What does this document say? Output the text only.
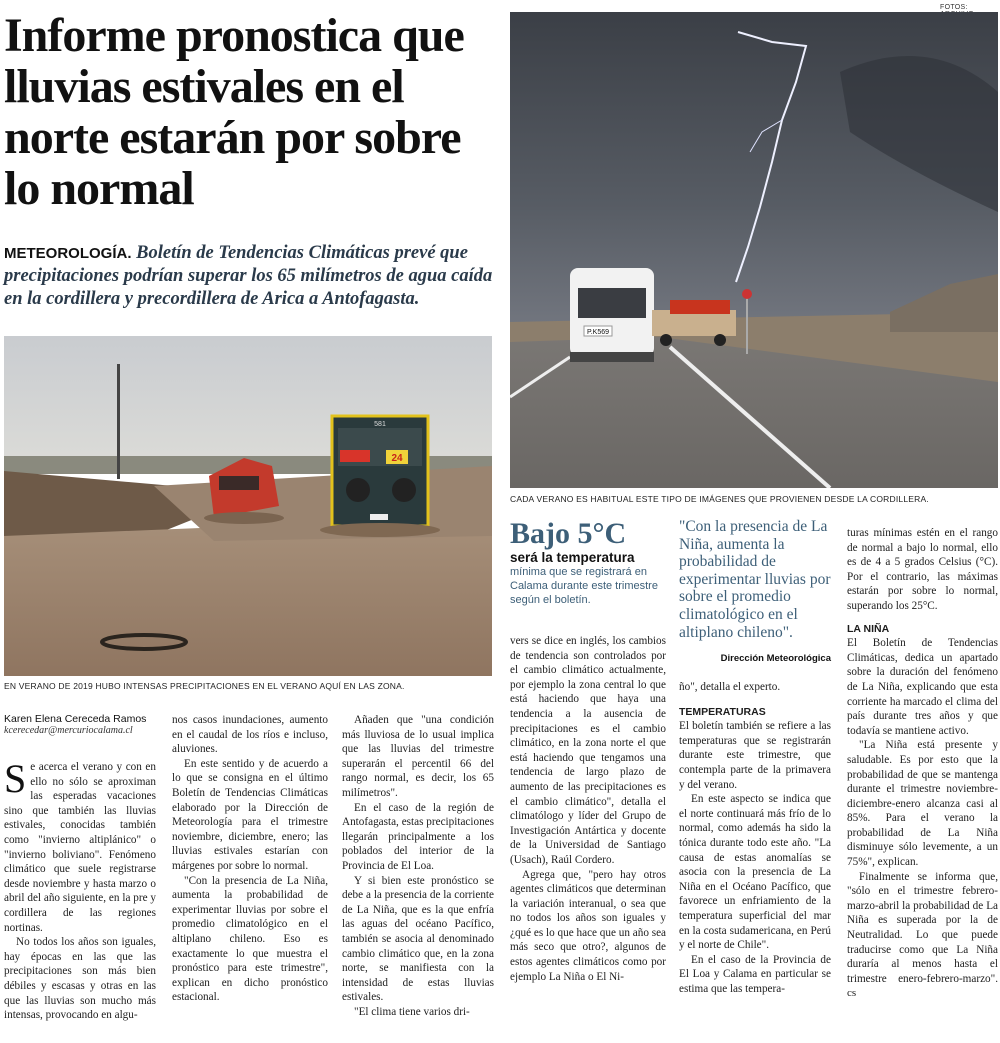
Informe pronostica que lluvias estivales en el norte estarán por sobre lo normal
METEOROLOGÍA. Boletín de Tendencias Climáticas prevé que precipitaciones podrían superar los 65 milímetros de agua caída en la cordillera y precordillera de Arica a Antofagasta.
FOTOS:
24
581
EN VERANO DE 2019 HUBO INTENSAS PRECIPITACIONES EN EL VERANO AQUÍ EN LAS ZONA.
P.K569
CADA VERANO ES HABITUAL ESTE TIPO DE IMÁGENES QUE PROVIENEN DESDE LA CORDILLERA.
Karen Elena Cereceda Ramos
kcerecedar@mercuriocalama.cl

Se acerca el verano y con en ello no sólo se aproximan las esperadas vacaciones sino que también las lluvias estivales, conocidas también como "invierno altiplánico" o "invierno boliviano". Fenómeno climático que suele registrarse desde noviembre y hasta marzo o abril del año siguiente, en la pre y cordillera de las regiones nortinas.

No todos los años son iguales, hay épocas en las que las precipitaciones son más bien débiles y escasas y otras en las que las lluvias son mucho más intensas, provocando en algu-

nos casos inundaciones, aumento en el caudal de los ríos e incluso, aluviones.

En este sentido y de acuerdo a lo que se consigna en el último Boletín de Tendencias Climáticas elaborado por la Dirección de Meteorología para el trimestre noviembre, diciembre, enero; las lluvias estivales estarían con márgenes por sobre lo normal.

"Con la presencia de La Niña, aumenta la probabilidad de experimentar lluvias por sobre el promedio climatológico en el altiplano chileno. Eso es exactamente lo que muestra el pronóstico para este trimestre", explican en dicho pronóstico estacional.

Añaden que "una condición más lluviosa de lo usual implica que las lluvias del trimestre superarán el percentil 66 del rango normal, es decir, los 65 milímetros".

En el caso de la región de Antofagasta, estas precipitaciones llegarán principalmente a los poblados del interior de la Provincia de El Loa.

Y si bien este pronóstico se debe a la presencia de la corriente de La Niña, que es la que enfría las aguas del océano Pacífico, también se asocia al denominado cambio climático que, en la zona norte, se manifiesta con la intensidad de estas lluvias estivales.

"El clima tiene varios dri-

Bajo 5°C
será la temperatura
mínima que se registrará en Calama durante este trimestre según el boletín.

vers se dice en inglés, los cambios de tendencia son controlados por el cambio climático actualmente, por ejemplo la zona central lo que está haciendo que haya una tendencia a la ausencia de precipitaciones es el cambio climático, en la zona norte el que está haciendo que tengamos una tendencia de largo plazo de aumento de las precipitaciones es el cambio climático", detalla el climatólogo y líder del Grupo de Investigación Antártica y docente de la Universidad de Santiago (Usach), Raúl Cordero.

Agrega que, "pero hay otros agentes climáticos que determinan la variación interanual, o sea que no todos los años son iguales y ¿qué es lo que hace que un año sea más seco que otro?, algunos de estos agentes climáticos como por ejemplo La Niña o El Ni-

"Con la presencia de La Niña, aumenta la probabilidad de experimentar lluvias por sobre el promedio climatológico en el altiplano chileno".
Dirección Meteorológica

ño", detalla el experto.

TEMPERATURAS

El boletín también se refiere a las temperaturas que se registrarán durante este trimestre, que contempla parte de la primavera y del verano.

En este aspecto se indica que el norte continuará más frío de lo normal, como además ha sido la tónica durante todo este año. "La causa de estas anomalías se asocia con la presencia de La Niña en el Océano Pacífico, que favorece un enfriamiento de la temperatura superficial del mar en la costa sudamericana, en Perú y el norte de Chile".

En el caso de la Provincia de El Loa y Calama en particular se estima que las tempera-

turas mínimas estén en el rango de normal a bajo lo normal, ello es de 4 a 5 grados Celsius (°C). Por el contrario, las máximas estarán por sobre lo normal, superando los 25°C.

LA NIÑA

El Boletín de Tendencias Climáticas, dedica un apartado sobre la duración del fenómeno de La Niña, explicando que esta corriente ha marcado el clima del país durante tres años y que todavía se mantiene activo.

"La Niña está presente y saludable. Es por esto que la probabilidad de que se mantenga durante el trimestre noviembre-diciembre-enero alcanza casi al 85%. Para el verano la probabilidad de La Niña disminuye sólo levemente, a un 75%", explican.

Finalmente se informa que, "sólo en el trimestre febrero-marzo-abril la probabilidad de La Niña es superada por la de Neutralidad. Lo que puede traducirse como que La Niña duraría al menos hasta el trimestre enero-febrero-marzo". cs
